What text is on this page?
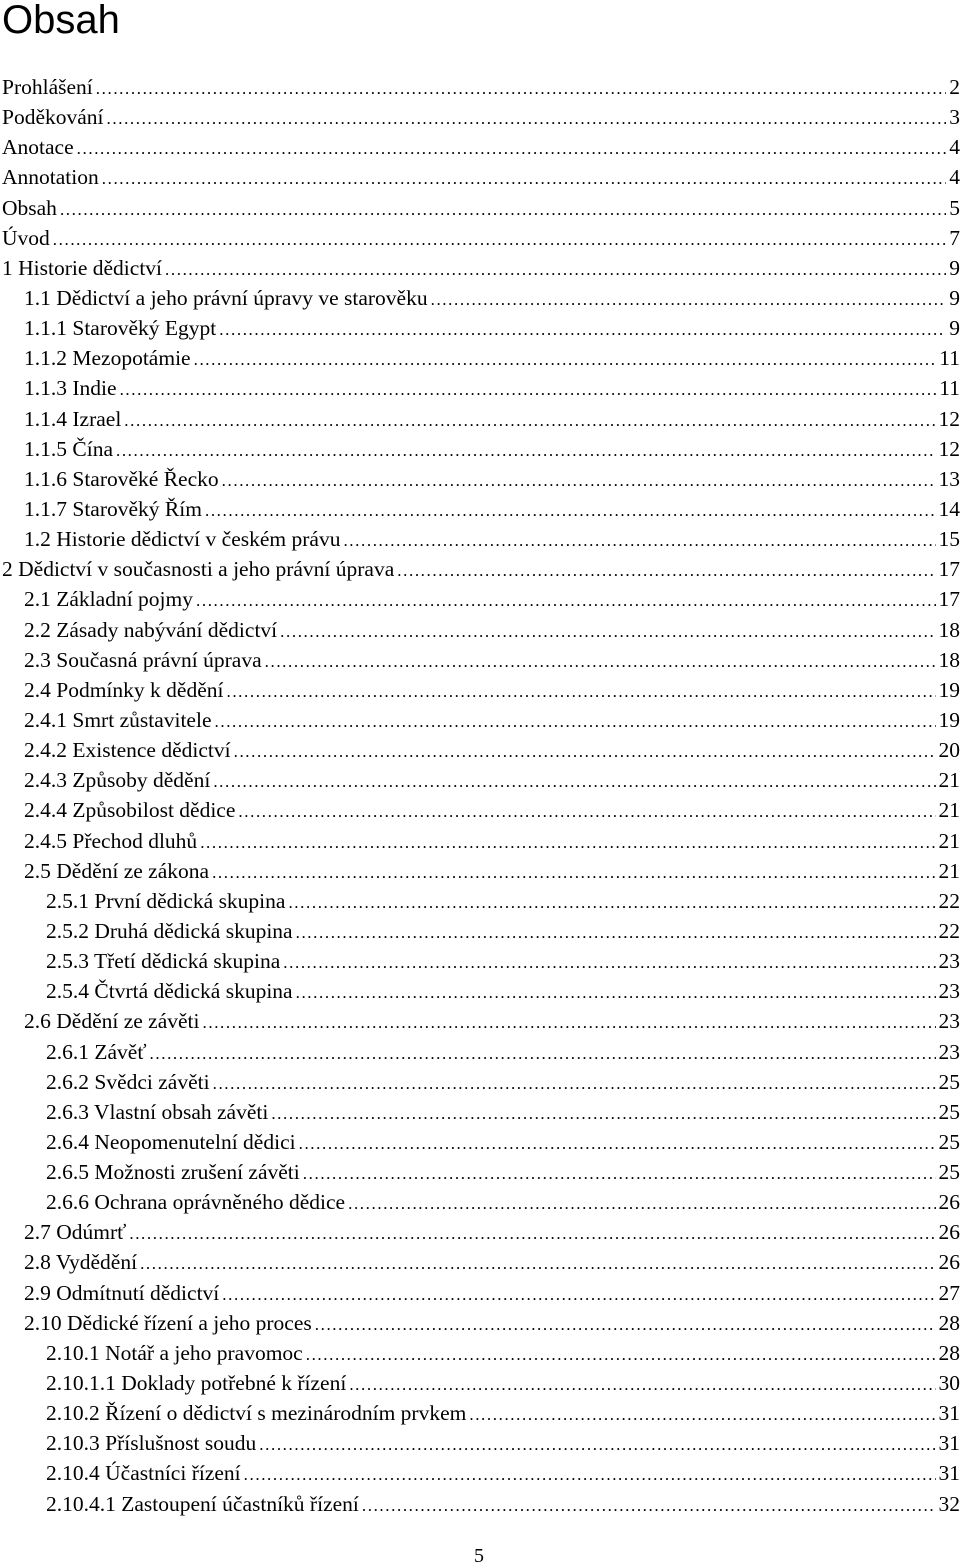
Obsah
Prohlášení .....	2
Poděkování .....	3
Anotace .....	4
Annotation .....	4
Obsah .....	5
Úvod .....	7
1 Historie dědictví .....	9
1.1 Dědictví a jeho právní úpravy ve starověku .....	9
1.1.1 Starověký Egypt .....	9
1.1.2 Mezopotámie .....	11
1.1.3 Indie .....	11
1.1.4 Izrael .....	12
1.1.5 Čína .....	12
1.1.6 Starověké Řecko .....	13
1.1.7 Starověký Řím .....	14
1.2 Historie dědictví v českém právu .....	15
2 Dědictví v současnosti a jeho právní úprava .....	17
2.1 Základní pojmy .....	17
2.2 Zásady nabývání dědictví .....	18
2.3 Současná právní úprava .....	18
2.4 Podmínky k dědění .....	19
2.4.1 Smrt zůstavitele .....	19
2.4.2 Existence dědictví .....	20
2.4.3 Způsoby dědění .....	21
2.4.4 Způsobilost dědice .....	21
2.4.5 Přechod dluhů .....	21
2.5 Dědění ze zákona .....	21
2.5.1 První dědická skupina .....	22
2.5.2 Druhá dědická skupina .....	22
2.5.3 Třetí dědická skupina .....	23
2.5.4 Čtvrtá dědická skupina .....	23
2.6 Dědění ze závěti .....	23
2.6.1 Závěť .....	23
2.6.2 Svědci závěti .....	25
2.6.3 Vlastní obsah závěti .....	25
2.6.4 Neopomenutelní dědici .....	25
2.6.5 Možnosti zrušení závěti .....	25
2.6.6 Ochrana oprávněného dědice .....	26
2.7 Odúmrť .....	26
2.8 Vydědění .....	26
2.9 Odmítnutí dědictví .....	27
2.10 Dědické řízení a jeho proces .....	28
2.10.1 Notář a jeho pravomoc .....	28
2.10.1.1 Doklady potřebné k řízení .....	30
2.10.2 Řízení o dědictví s mezinárodním prvkem .....	31
2.10.3 Příslušnost soudu .....	31
2.10.4 Účastníci řízení .....	31
2.10.4.1 Zastoupení účastníků řízení .....	32
5
